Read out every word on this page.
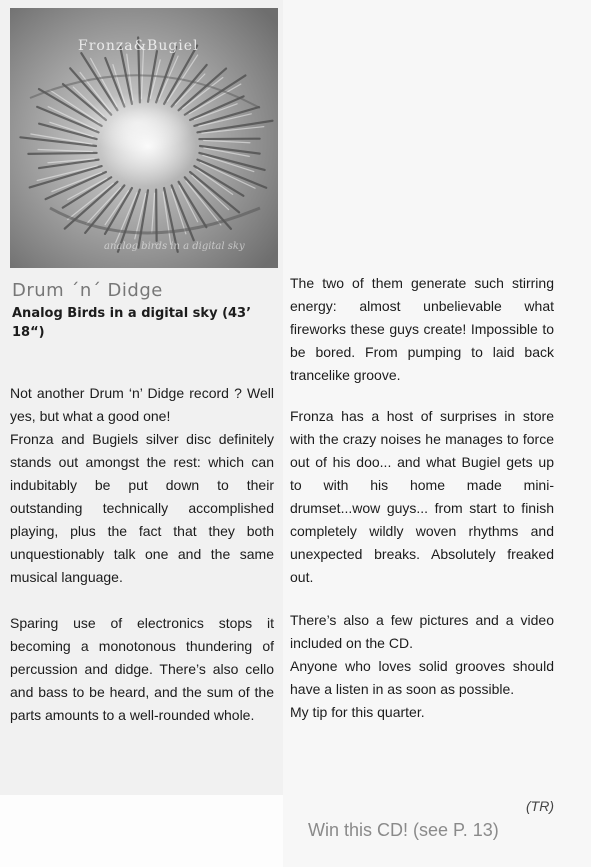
Fronza&Bugiel
analog birds in a digital sky
Drum ´n´ Didge
Analog Birds in a digital sky (43’ 18“)

Not another Drum ‘n’ Didge record ? Well yes, but what a good one!

Fronza and Bugiels silver disc definitely stands out amongst the rest: which can indubitably be put down to their outstanding technically accomplished playing, plus the fact that they both unquestionably talk one and the same musical language.

Sparing use of electronics stops it becoming a monotonous thundering of percussion and didge. There’s also cello and bass to be heard, and the sum of the parts amounts to a well-rounded whole.

The two of them generate such stirring energy: almost unbelievable what fireworks these guys create! Impossible to be bored. From pumping to laid back trancelike groove.

Fronza has a host of surprises in store with the crazy noises he manages to force out of his doo... and what Bugiel gets up to with his home made mini-drumset...wow guys... from start to finish completely wildly woven rhythms and unexpected breaks. Absolutely freaked out.

There’s also a few pictures and a video included on the CD.

Anyone who loves solid grooves should have a listen in as soon as possible.

My tip for this quarter.

(TR)
Win this CD! (see P. 13)
